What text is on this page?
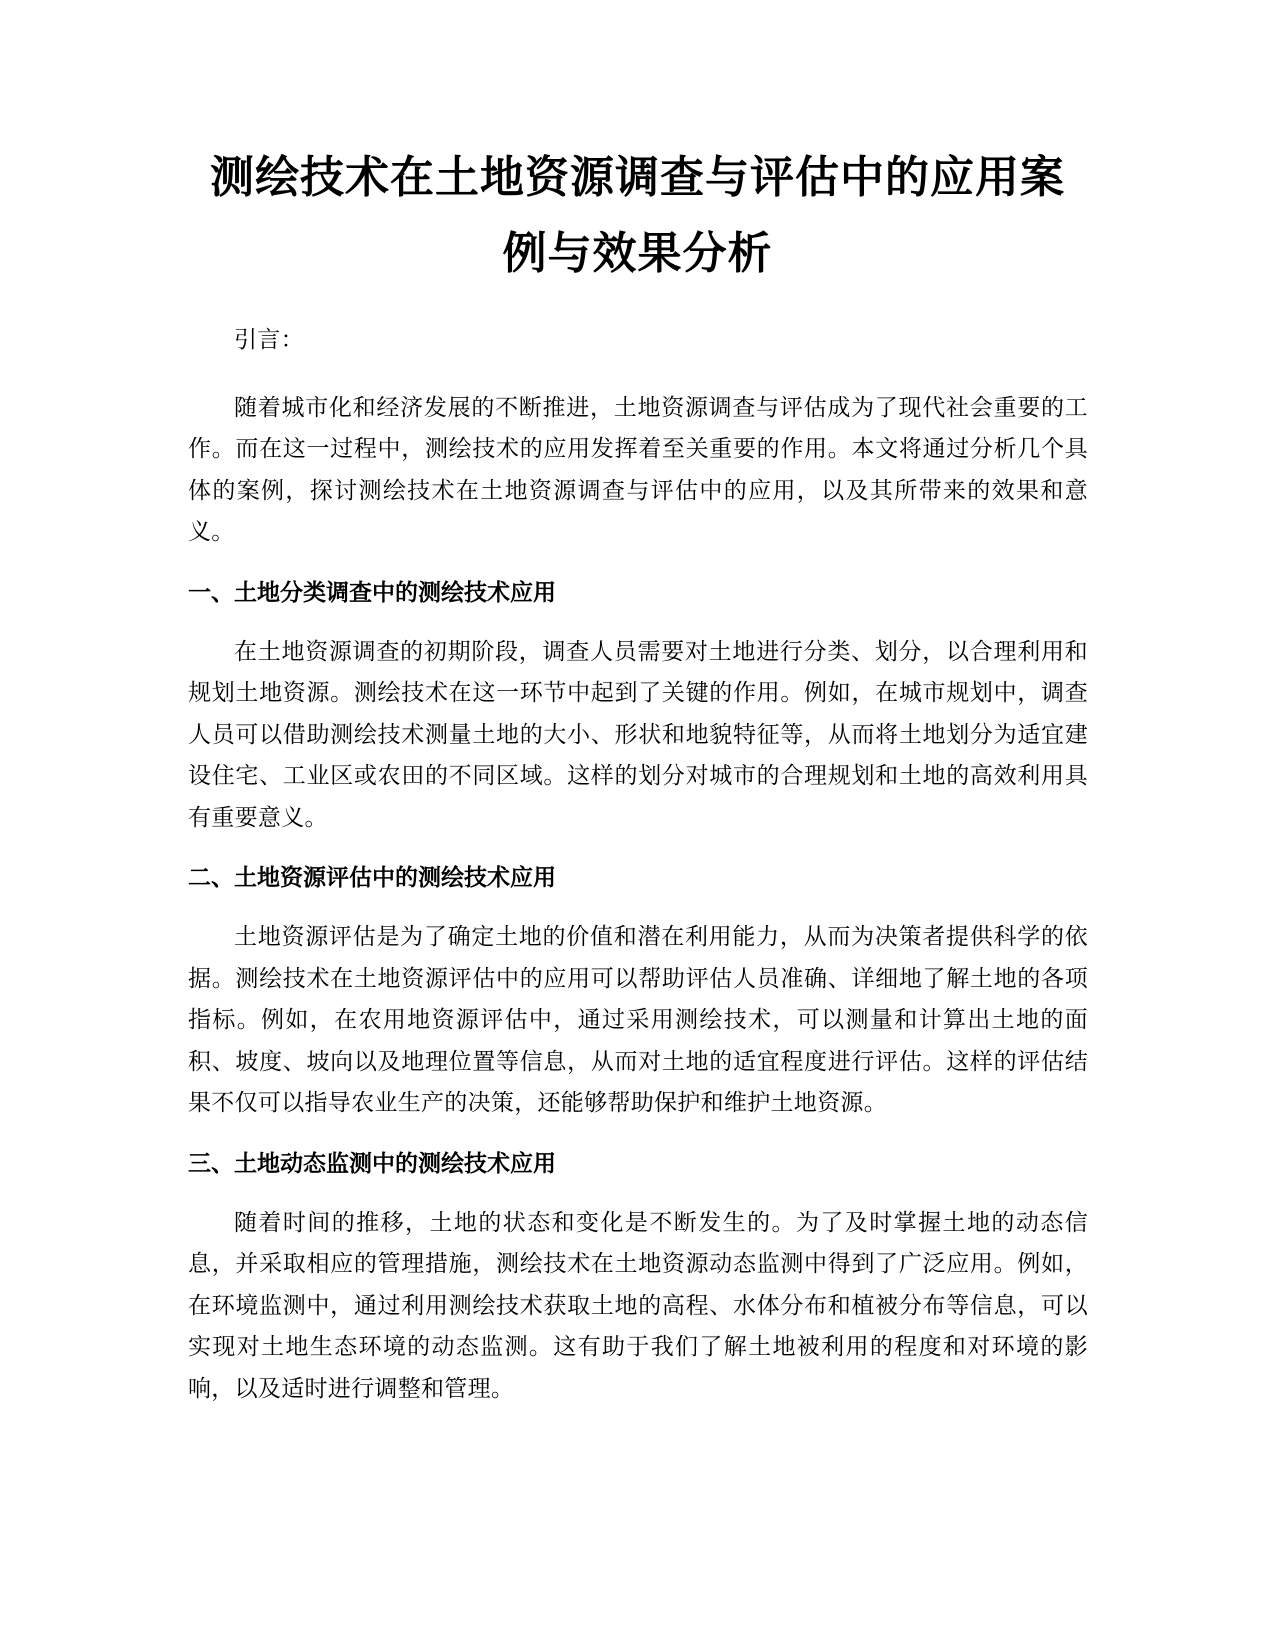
测绘技术在土地资源调查与评估中的应用案
例与效果分析

引言：

随着城市化和经济发展的不断推进，土地资源调查与评估成为了现代社会重要的工作。而在这一过程中，测绘技术的应用发挥着至关重要的作用。本文将通过分析几个具体的案例，探讨测绘技术在土地资源调查与评估中的应用，以及其所带来的效果和意义。

一、土地分类调查中的测绘技术应用

在土地资源调查的初期阶段，调查人员需要对土地进行分类、划分，以合理利用和规划土地资源。测绘技术在这一环节中起到了关键的作用。例如，在城市规划中，调查人员可以借助测绘技术测量土地的大小、形状和地貌特征等，从而将土地划分为适宜建设住宅、工业区或农田的不同区域。这样的划分对城市的合理规划和土地的高效利用具有重要意义。

二、土地资源评估中的测绘技术应用

土地资源评估是为了确定土地的价值和潜在利用能力，从而为决策者提供科学的依据。测绘技术在土地资源评估中的应用可以帮助评估人员准确、详细地了解土地的各项指标。例如，在农用地资源评估中，通过采用测绘技术，可以测量和计算出土地的面积、坡度、坡向以及地理位置等信息，从而对土地的适宜程度进行评估。这样的评估结果不仅可以指导农业生产的决策，还能够帮助保护和维护土地资源。

三、土地动态监测中的测绘技术应用

随着时间的推移，土地的状态和变化是不断发生的。为了及时掌握土地的动态信息，并采取相应的管理措施，测绘技术在土地资源动态监测中得到了广泛应用。例如，在环境监测中，通过利用测绘技术获取土地的高程、水体分布和植被分布等信息，可以实现对土地生态环境的动态监测。这有助于我们了解土地被利用的程度和对环境的影响，以及适时进行调整和管理。
